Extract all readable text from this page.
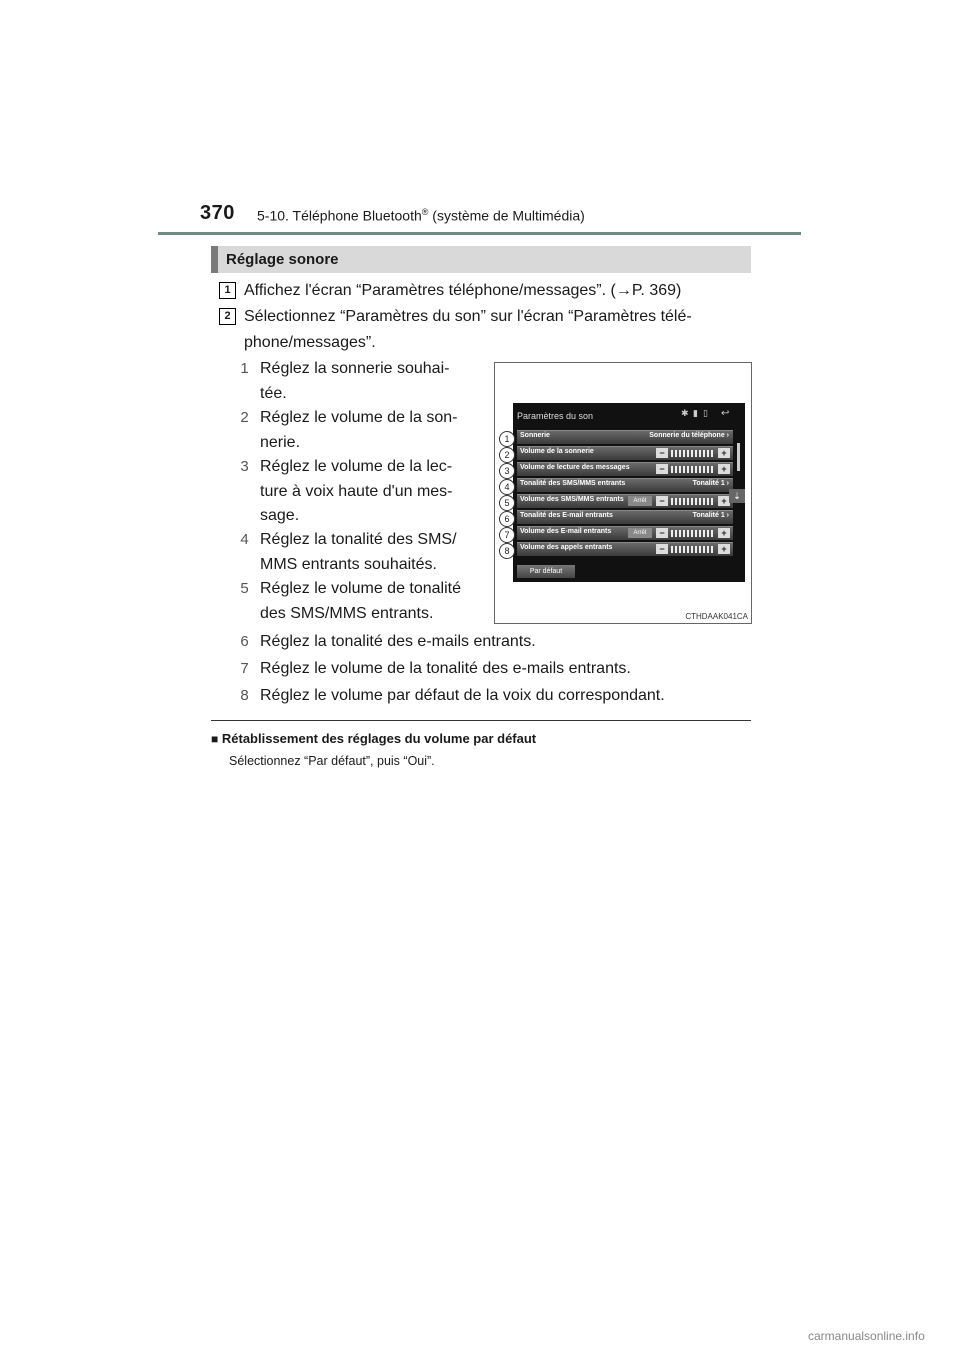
370 5-10. Téléphone Bluetooth® (système de Multimédia)
Réglage sonore
1 Affichez l'écran “Paramètres téléphone/messages”. (→P. 369)
2 Sélectionnez “Paramètres du son” sur l'écran “Paramètres télé-
phone/messages”.
1 Réglez la sonnerie souhai-
tée.
2 Réglez le volume de la son-
nerie.
3 Réglez le volume de la lec-
ture à voix haute d'un mes-
sage.
4 Réglez la tonalité des SMS/
MMS entrants souhaités.
5 Réglez le volume de tonalité
des SMS/MMS entrants.
6 Réglez la tonalité des e-mails entrants.
7 Réglez le volume de la tonalité des e-mails entrants.
8 Réglez le volume par défaut de la voix du correspondant.
Paramètres du son	✱ ▮ ▯ ↩
Sonnerie	Sonnerie du téléphone ›
Volume de la sonnerie	−	+
Volume de lecture des messages	−	+
Tonalité des SMS/MMS entrants	Tonalité 1 ›
Volume des SMS/MMS entrants	Arrêt	−	+
Tonalité des E-mail entrants	Tonalité 1 ›
Volume des E-mail entrants	Arrêt	−	+
Volume des appels entrants	−	+
⇣
Par défaut
1
2
3
4
5
6
7
8
CTHDAAK041CA
■ Rétablissement des réglages du volume par défaut
Sélectionnez “Par défaut”, puis “Oui”.
carmanualsonline.info
